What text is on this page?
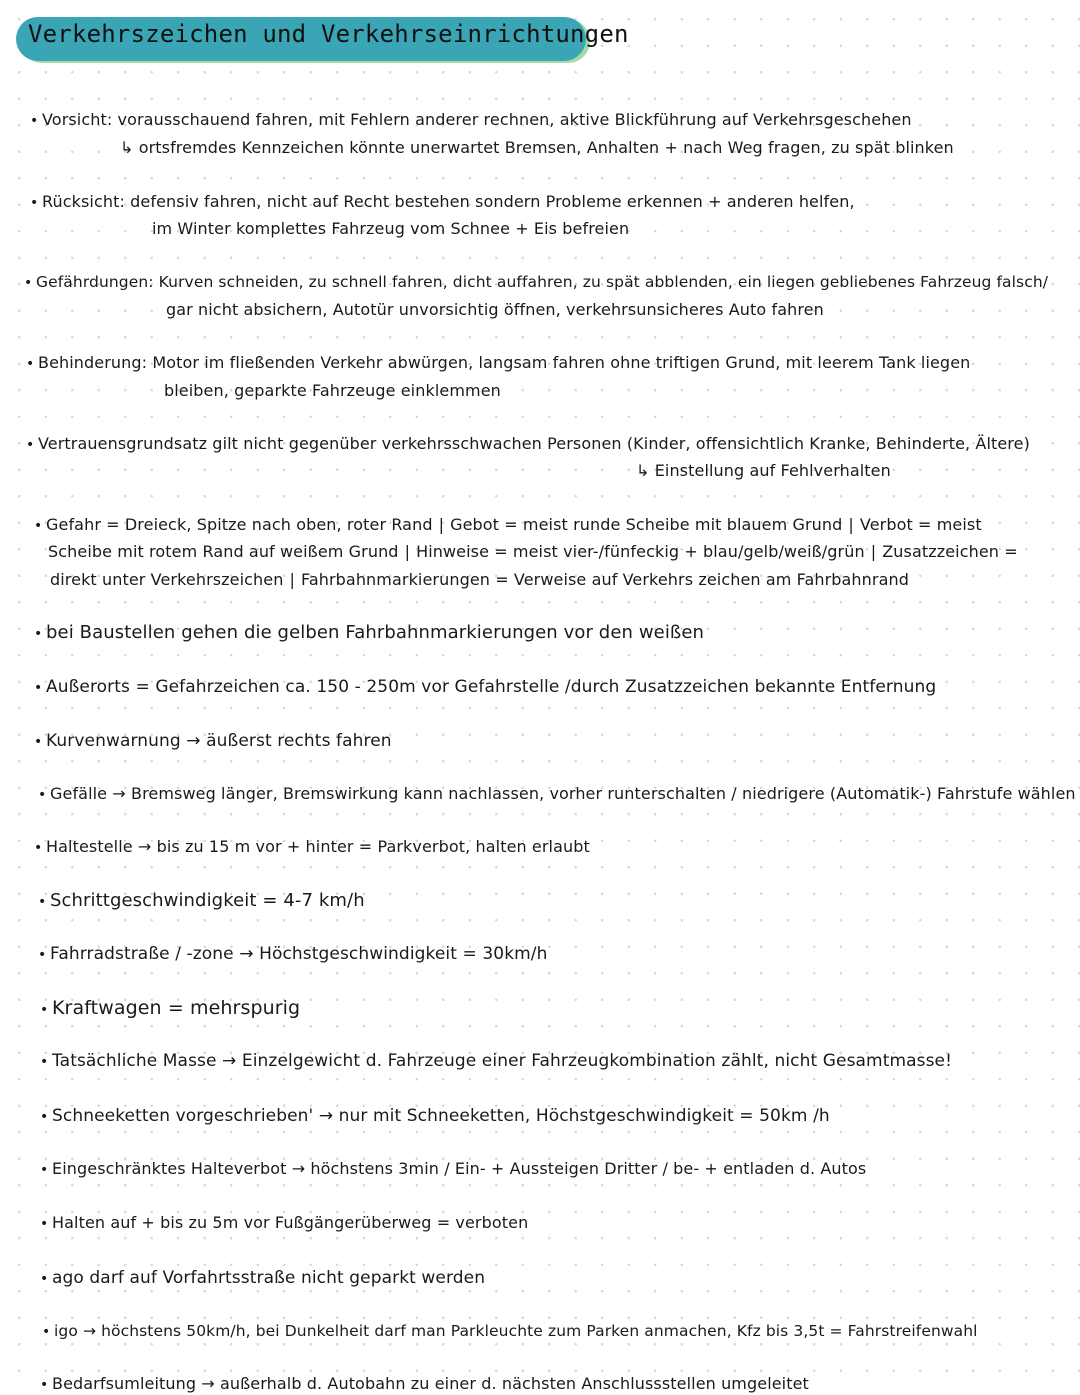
Verkehrszeichen und Verkehrseinrichtungen
• Vorsicht: vorausschauend fahren, mit Fehlern anderer rechnen, aktive Blickführung auf Verkehrsgeschehen
↳ ortsfremdes Kennzeichen könnte unerwartet Bremsen, Anhalten + nach Weg fragen, zu spät blinken
• Rücksicht: defensiv fahren, nicht auf Recht bestehen sondern Probleme erkennen + anderen helfen,
im Winter komplettes Fahrzeug vom Schnee + Eis befreien
• Gefährdungen: Kurven schneiden, zu schnell fahren, dicht auffahren, zu spät abblenden, ein liegen gebliebenes Fahrzeug falsch/
gar nicht absichern, Autotür unvorsichtig öffnen, verkehrsunsicheres Auto fahren
• Behinderung: Motor im fließenden Verkehr abwürgen, langsam fahren ohne triftigen Grund, mit leerem Tank liegen
bleiben, geparkte Fahrzeuge einklemmen
• Vertrauensgrundsatz gilt nicht gegenüber verkehrsschwachen Personen (Kinder, offensichtlich Kranke, Behinderte, Ältere)
↳ Einstellung auf Fehlverhalten
• Gefahr = Dreieck, Spitze nach oben, roter Rand | Gebot = meist runde Scheibe mit blauem Grund | Verbot = meist
Scheibe mit rotem Rand auf weißem Grund | Hinweise = meist vier-/fünfeckig + blau/gelb/weiß/grün | Zusatzzeichen =
direkt unter Verkehrszeichen | Fahrbahnmarkierungen = Verweise auf Verkehrs zeichen am Fahrbahnrand
• bei Baustellen gehen die gelben Fahrbahnmarkierungen vor den weißen
• Außerorts = Gefahrzeichen ca. 150 - 250m vor Gefahrstelle /durch Zusatzzeichen bekannte Entfernung
• Kurvenwarnung → äußerst rechts fahren
• Gefälle → Bremsweg länger, Bremswirkung kann nachlassen, vorher runterschalten / niedrigere (Automatik-) Fahrstufe wählen
• Haltestelle → bis zu 15 m vor + hinter = Parkverbot, halten erlaubt
• Schrittgeschwindigkeit = 4-7 km/h
• Fahrradstraße / -zone → Höchstgeschwindigkeit = 30km/h
• Kraftwagen = mehrspurig
• Tatsächliche Masse → Einzelgewicht d. Fahrzeuge einer Fahrzeugkombination zählt, nicht Gesamtmasse!
• Schneeketten vorgeschrieben' → nur mit Schneeketten, Höchstgeschwindigkeit = 50km /h
• Eingeschränktes Halteverbot → höchstens 3min / Ein- + Aussteigen Dritter / be- + entladen d. Autos
• Halten auf + bis zu 5m vor Fußgängerüberweg = verboten
• ago darf auf Vorfahrtsstraße nicht geparkt werden
• igo → höchstens 50km/h, bei Dunkelheit darf man Parkleuchte zum Parken anmachen, Kfz bis 3,5t = Fahrstreifenwahl
• Bedarfsumleitung → außerhalb d. Autobahn zu einer d. nächsten Anschlussstellen umgeleitet
